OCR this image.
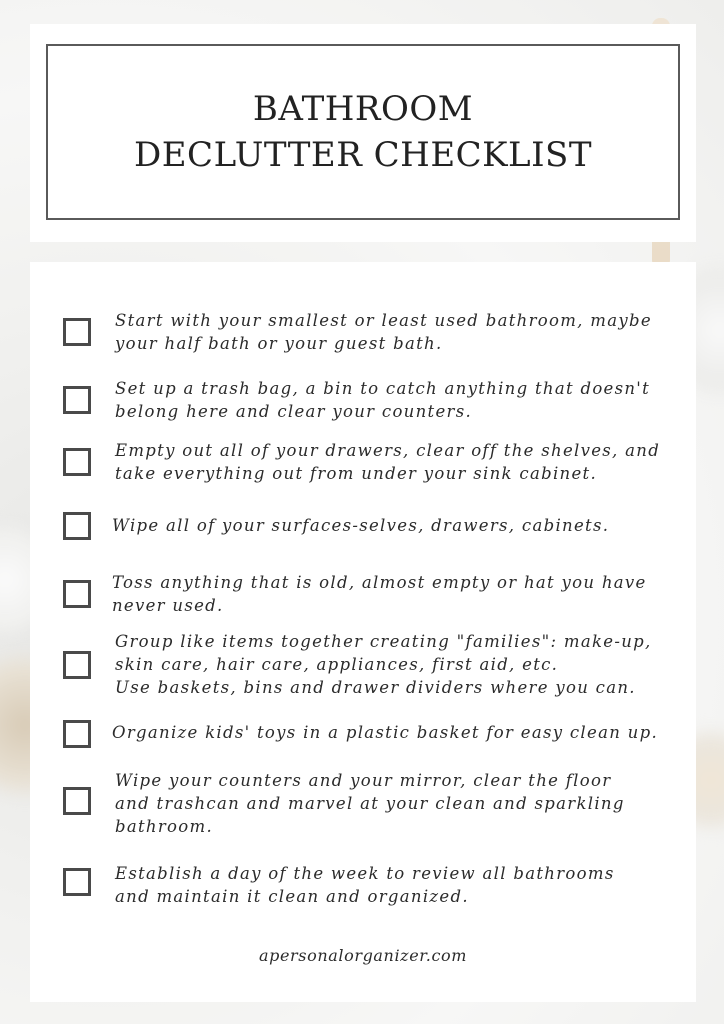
BATHROOM
DECLUTTER CHECKLIST
Start with your smallest or least used bathroom, maybe
your half bath or your guest bath.
Set up a trash bag, a bin to catch anything that doesn't
belong here and clear your counters.
Empty out all of your drawers, clear off the shelves, and
take everything out from under your sink cabinet.
Wipe all of your surfaces-selves, drawers, cabinets.
Toss anything that is old, almost empty or hat you have
never used.
Group like items together creating "families": make-up,
skin care, hair care, appliances, first aid, etc.
Use baskets, bins and drawer dividers where you can.
Organize kids' toys in a plastic basket for easy clean up.
Wipe your counters and your mirror, clear the floor
and trashcan and marvel at your clean and sparkling
bathroom.
Establish a day of the week to review all bathrooms
and maintain it clean and organized.
apersonalorganizer.com
